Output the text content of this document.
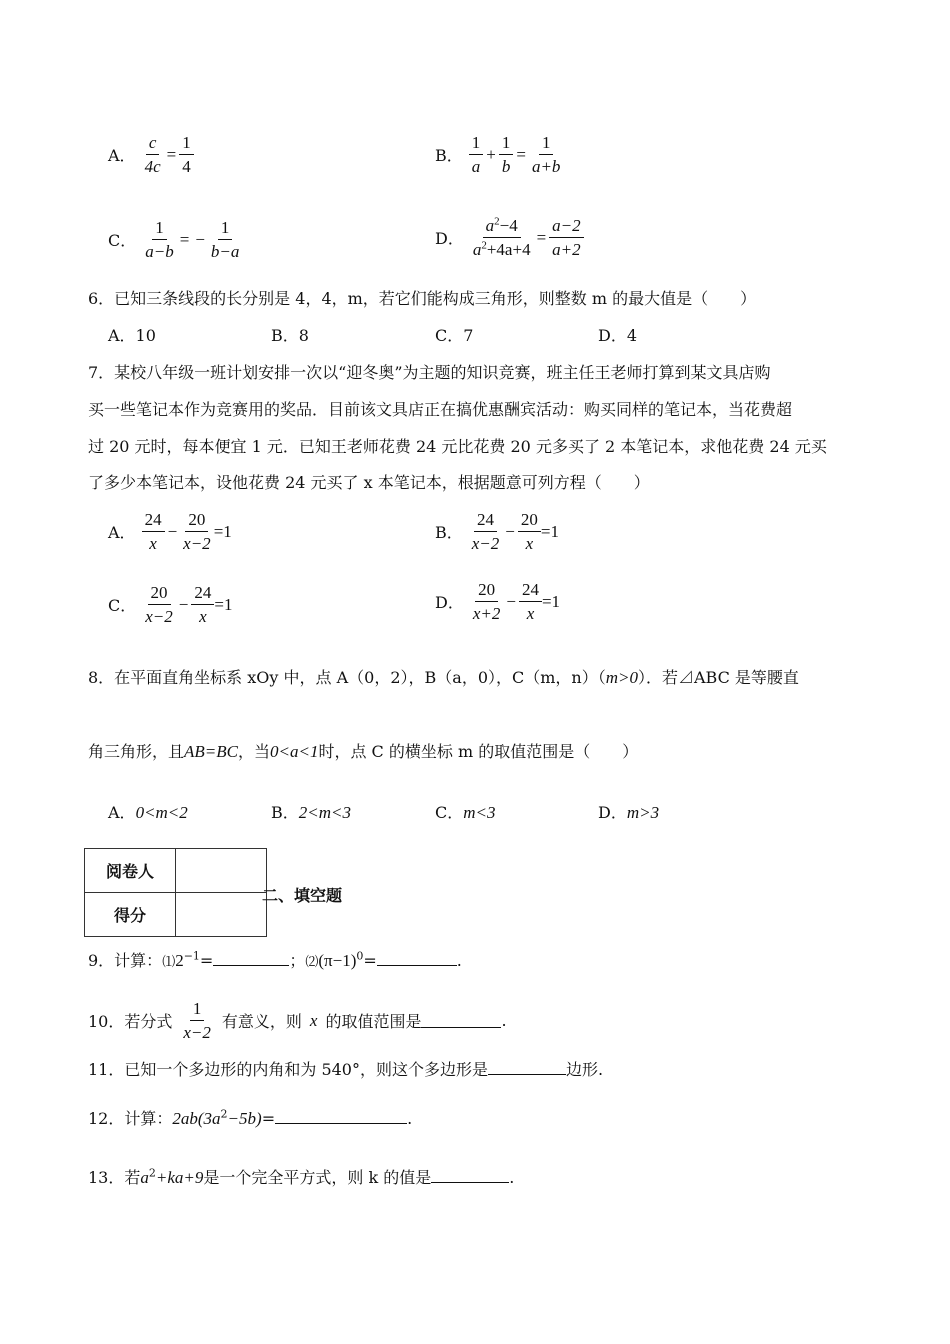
A． $\frac{c}{4c} = \frac{1}{4}$	B． $\frac{1}{a} + \frac{1}{b} = \frac{1}{a+b}$
C． $\frac{1}{a-b}$ = − $\frac{1}{b-a}$	D． $\frac{a^2-4}{a^2+4a+4} = \frac{a-2}{a+2}$
6．已知三条线段的长分别是 4，4，m，若它们能构成三角形，则整数 m 的最大值是（　　）
A．10	B．8	C．7	D．4
7．某校八年级一班计划安排一次以“迎冬奥”为主题的知识竞赛，班主任王老师打算到某文具店购
买一些笔记本作为竞赛用的奖品．目前该文具店正在搞优惠酬宾活动：购买同样的笔记本，当花费超
过 20 元时，每本便宜 1 元．已知王老师花费 24 元比花费 20 元多买了 2 本笔记本，求他花费 24 元买
了多少本笔记本，设他花费 24 元买了 x 本笔记本，根据题意可列方程（　　）
A． $\frac{24}{x} - \frac{20}{x-2} =1$	B． $\frac{24}{x-2} - \frac{20}{x} =1$
C． $\frac{20}{x-2} - \frac{24}{x} =1$	D． $\frac{20}{x+2} - \frac{24}{x} =1$
8．在平面直角坐标系 xOy 中，点 A（0，2），B（a，0），C（m，n）（m>0）．若⊿ABC 是等腰直
角三角形，且AB=BC，当0<a<1时，点 C 的横坐标 m 的取值范围是（　　）
A．0<m<2	B．2<m<3	C．m<3	D．m>3
阅卷人	
得分	
二、填空题
9．计算：$⑴2^{-1}=$	；$⑵(\pi-1)^0=$	.
10．若分式 $\frac{1}{x-2}$ 有意义，则 x 的取值范围是	.
11．已知一个多边形的内角和为 540°，则这个多边形是	边形.
12．计算：$2ab(3a^2-5b)=$	.
13．若$a^2+ka+9$是一个完全平方式，则 k 的值是	.
